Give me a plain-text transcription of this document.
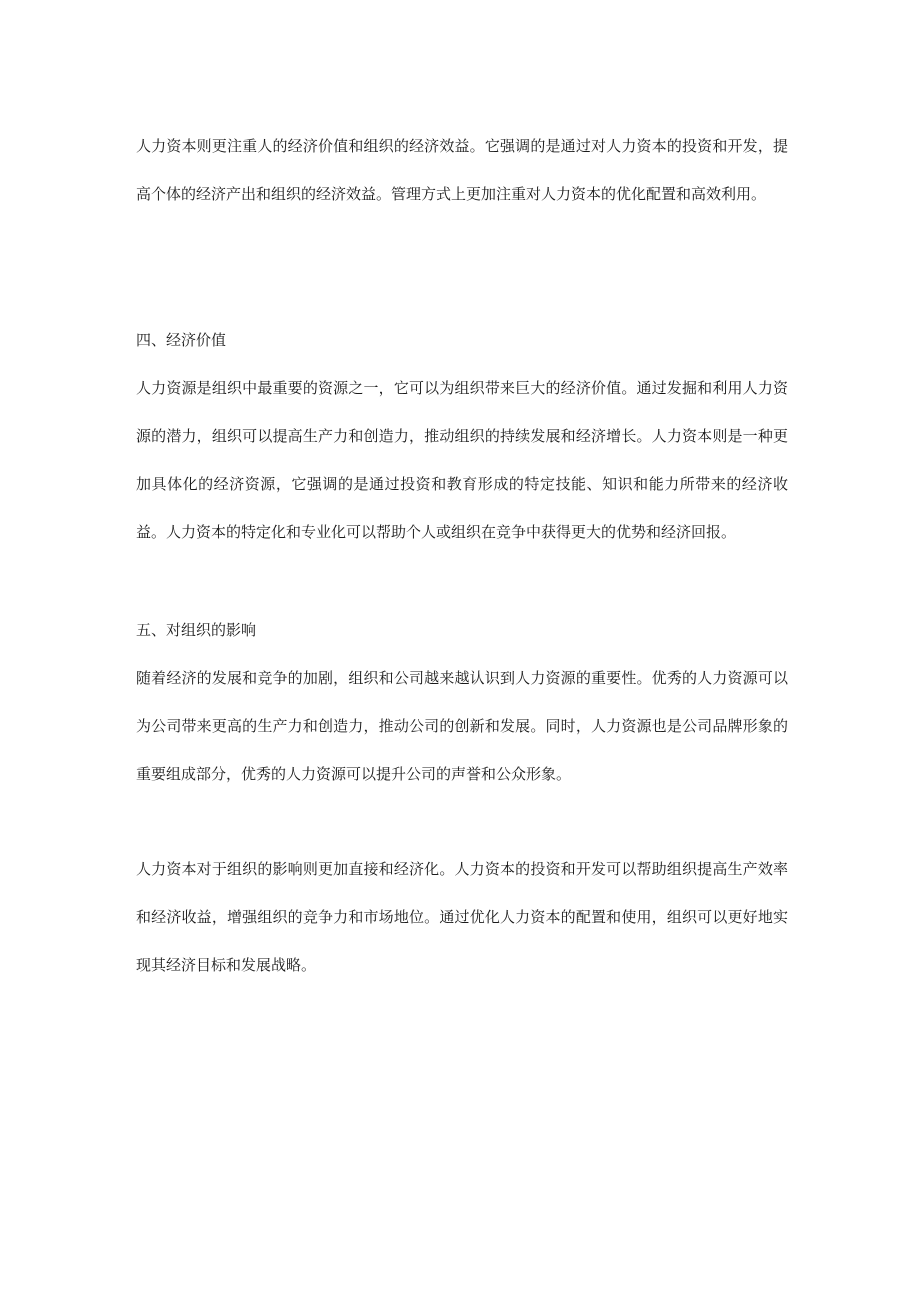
人力资本则更注重人的经济价值和组织的经济效益。它强调的是通过对人力资本的投资和开发，提高个体的经济产出和组织的经济效益。管理方式上更加注重对人力资本的优化配置和高效利用。

四、经济价值

人力资源是组织中最重要的资源之一，它可以为组织带来巨大的经济价值。通过发掘和利用人力资源的潜力，组织可以提高生产力和创造力，推动组织的持续发展和经济增长。人力资本则是一种更加具体化的经济资源，它强调的是通过投资和教育形成的特定技能、知识和能力所带来的经济收益。人力资本的特定化和专业化可以帮助个人或组织在竞争中获得更大的优势和经济回报。

五、对组织的影响

随着经济的发展和竞争的加剧，组织和公司越来越认识到人力资源的重要性。优秀的人力资源可以为公司带来更高的生产力和创造力，推动公司的创新和发展。同时，人力资源也是公司品牌形象的重要组成部分，优秀的人力资源可以提升公司的声誉和公众形象。

人力资本对于组织的影响则更加直接和经济化。人力资本的投资和开发可以帮助组织提高生产效率和经济收益，增强组织的竞争力和市场地位。通过优化人力资本的配置和使用，组织可以更好地实现其经济目标和发展战略。
